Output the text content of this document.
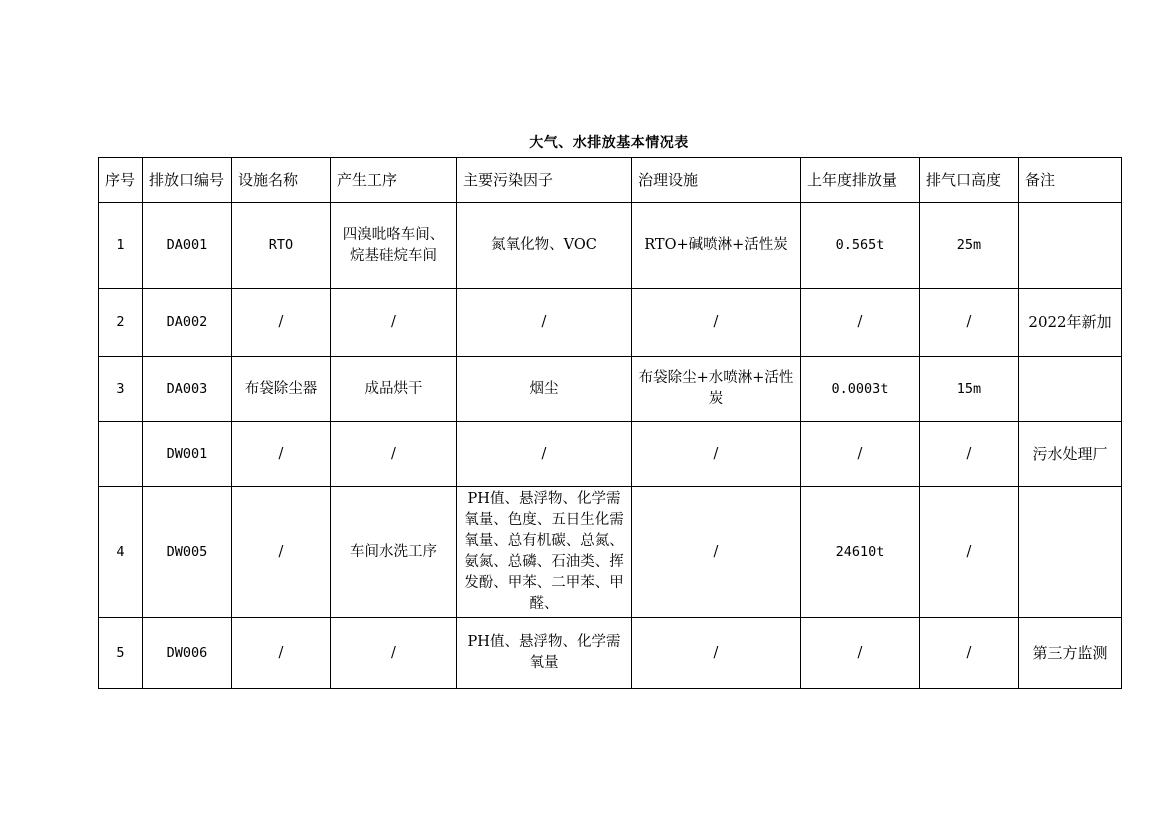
大气、水排放基本情况表
序号	排放口编号	设施名称	产生工序	主要污染因子	治理设施	上年度排放量	排气口高度	备注
1	DA001	RTO	四溴吡咯车间、烷基硅烷车间	氮氧化物、VOC	RTO+碱喷淋+活性炭	0.565t	25m	
2	DA002	/	/	/	/	/	/	2022年新加
3	DA003	布袋除尘器	成品烘干	烟尘	布袋除尘+水喷淋+活性炭	0.0003t	15m	
	DW001	/	/	/	/	/	/	污水处理厂
4	DW005	/	车间水洗工序	PH值、悬浮物、化学需氧量、色度、五日生化需氧量、总有机碳、总氮、氨氮、总磷、石油类、挥发酚、甲苯、二甲苯、甲醛、	/	24610t	/	
5	DW006	/	/	PH值、悬浮物、化学需氧量	/	/	/	第三方监测
